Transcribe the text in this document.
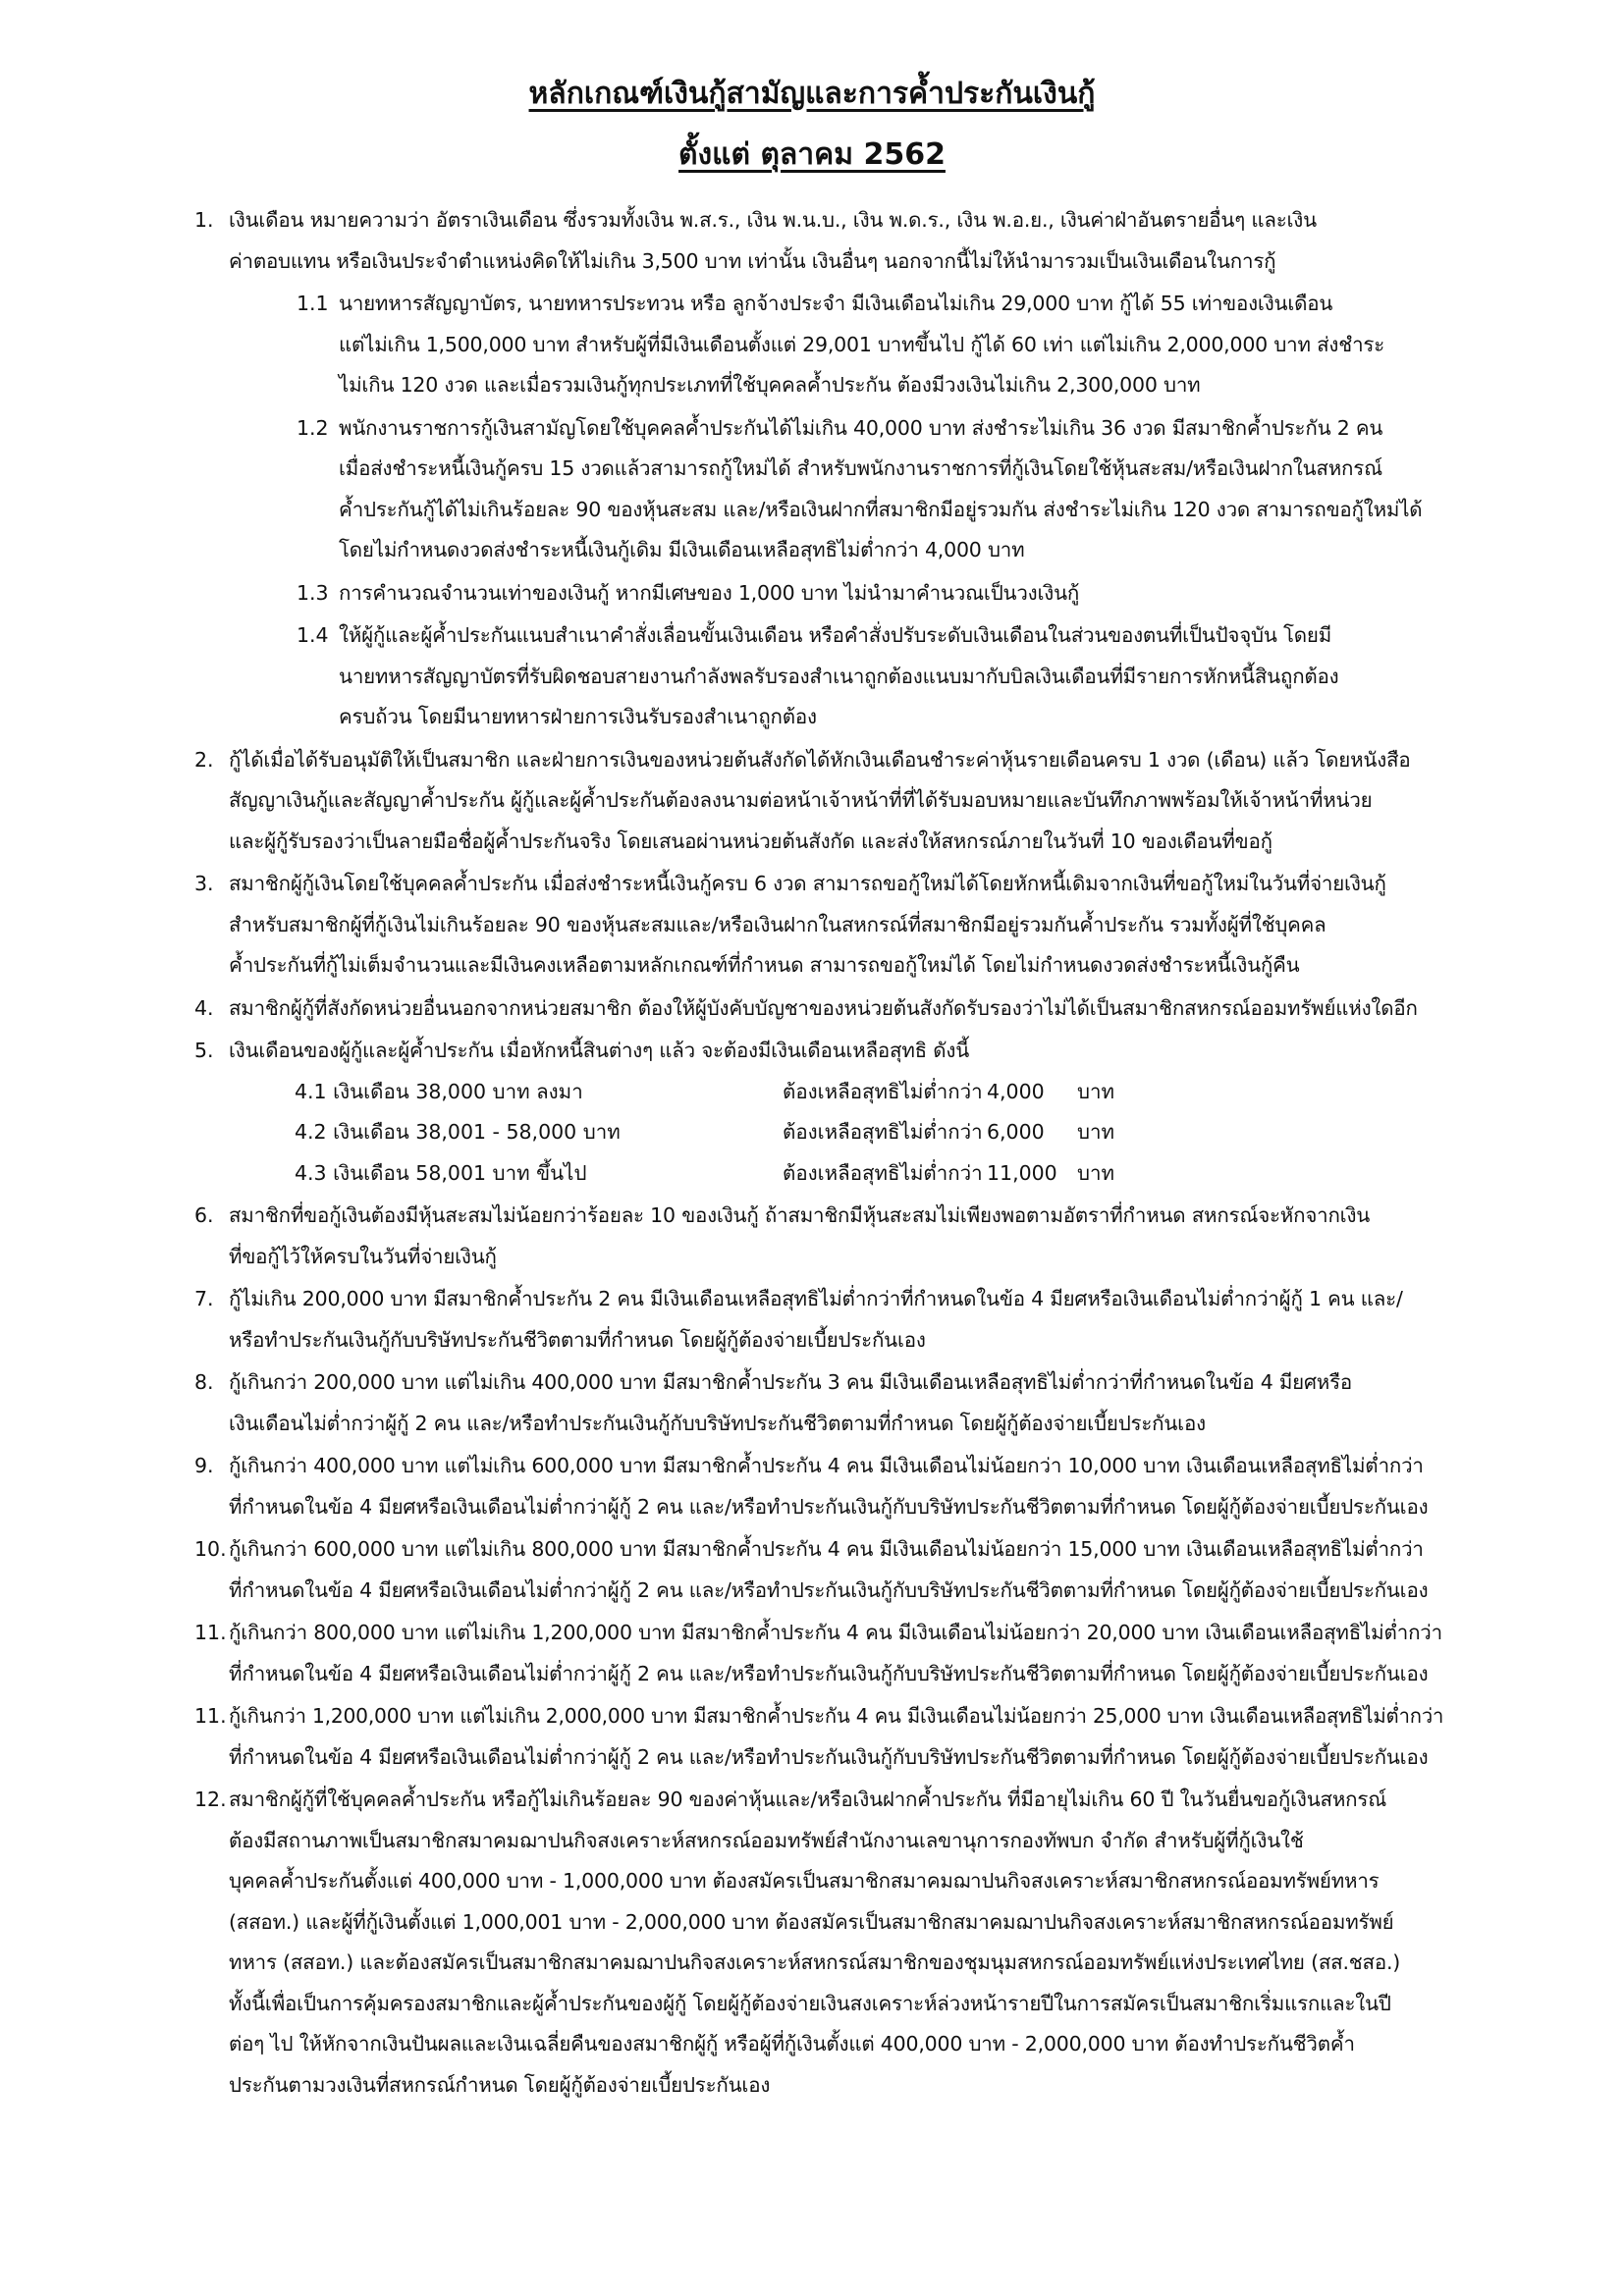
หลักเกณฑ์เงินกู้สามัญและการค้ำประกันเงินกู้
ตั้งแต่ ตุลาคม 2562
1. เงินเดือน หมายความว่า อัตราเงินเดือน ซึ่งรวมทั้งเงิน พ.ส.ร., เงิน พ.น.บ., เงิน พ.ด.ร., เงิน พ.อ.ย., เงินค่าฝ่าอันตรายอื่นๆ และเงิน
ค่าตอบแทน หรือเงินประจำตำแหน่งคิดให้ไม่เกิน 3,500 บาท เท่านั้น เงินอื่นๆ นอกจากนี้ไม่ให้นำมารวมเป็นเงินเดือนในการกู้
1.1 นายทหารสัญญาบัตร, นายทหารประทวน หรือ ลูกจ้างประจำ มีเงินเดือนไม่เกิน 29,000 บาท กู้ได้ 55 เท่าของเงินเดือน
แต่ไม่เกิน 1,500,000 บาท สำหรับผู้ที่มีเงินเดือนตั้งแต่ 29,001 บาทขึ้นไป กู้ได้ 60 เท่า แต่ไม่เกิน 2,000,000 บาท ส่งชำระ
ไม่เกิน 120 งวด และเมื่อรวมเงินกู้ทุกประเภทที่ใช้บุคคลค้ำประกัน ต้องมีวงเงินไม่เกิน 2,300,000 บาท
1.2 พนักงานราชการกู้เงินสามัญโดยใช้บุคคลค้ำประกันได้ไม่เกิน 40,000 บาท ส่งชำระไม่เกิน 36 งวด มีสมาชิกค้ำประกัน 2 คน
เมื่อส่งชำระหนี้เงินกู้ครบ 15 งวดแล้วสามารถกู้ใหม่ได้ สำหรับพนักงานราชการที่กู้เงินโดยใช้หุ้นสะสม/หรือเงินฝากในสหกรณ์
ค้ำประกันกู้ได้ไม่เกินร้อยละ 90 ของหุ้นสะสม และ/หรือเงินฝากที่สมาชิกมีอยู่รวมกัน ส่งชำระไม่เกิน 120 งวด สามารถขอกู้ใหม่ได้
โดยไม่กำหนดงวดส่งชำระหนี้เงินกู้เดิม มีเงินเดือนเหลือสุทธิไม่ต่ำกว่า 4,000 บาท
1.3 การคำนวณจำนวนเท่าของเงินกู้ หากมีเศษของ 1,000 บาท ไม่นำมาคำนวณเป็นวงเงินกู้
1.4 ให้ผู้กู้และผู้ค้ำประกันแนบสำเนาคำสั่งเลื่อนขั้นเงินเดือน หรือคำสั่งปรับระดับเงินเดือนในส่วนของตนที่เป็นปัจจุบัน โดยมี
นายทหารสัญญาบัตรที่รับผิดชอบสายงานกำลังพลรับรองสำเนาถูกต้องแนบมากับบิลเงินเดือนที่มีรายการหักหนี้สินถูกต้อง
ครบถ้วน โดยมีนายทหารฝ่ายการเงินรับรองสำเนาถูกต้อง
2. กู้ได้เมื่อได้รับอนุมัติให้เป็นสมาชิก และฝ่ายการเงินของหน่วยต้นสังกัดได้หักเงินเดือนชำระค่าหุ้นรายเดือนครบ 1 งวด (เดือน) แล้ว โดยหนังสือ
สัญญาเงินกู้และสัญญาค้ำประกัน ผู้กู้และผู้ค้ำประกันต้องลงนามต่อหน้าเจ้าหน้าที่ที่ได้รับมอบหมายและบันทึกภาพพร้อมให้เจ้าหน้าที่หน่วย
และผู้กู้รับรองว่าเป็นลายมือชื่อผู้ค้ำประกันจริง โดยเสนอผ่านหน่วยต้นสังกัด และส่งให้สหกรณ์ภายในวันที่ 10 ของเดือนที่ขอกู้
3. สมาชิกผู้กู้เงินโดยใช้บุคคลค้ำประกัน เมื่อส่งชำระหนี้เงินกู้ครบ 6 งวด สามารถขอกู้ใหม่ได้โดยหักหนี้เดิมจากเงินที่ขอกู้ใหม่ในวันที่จ่ายเงินกู้
สำหรับสมาชิกผู้ที่กู้เงินไม่เกินร้อยละ 90 ของหุ้นสะสมและ/หรือเงินฝากในสหกรณ์ที่สมาชิกมีอยู่รวมกันค้ำประกัน รวมทั้งผู้ที่ใช้บุคคล
ค้ำประกันที่กู้ไม่เต็มจำนวนและมีเงินคงเหลือตามหลักเกณฑ์ที่กำหนด สามารถขอกู้ใหม่ได้ โดยไม่กำหนดงวดส่งชำระหนี้เงินกู้คืน
4. สมาชิกผู้กู้ที่สังกัดหน่วยอื่นนอกจากหน่วยสมาชิก ต้องให้ผู้บังคับบัญชาของหน่วยต้นสังกัดรับรองว่าไม่ได้เป็นสมาชิกสหกรณ์ออมทรัพย์แห่งใดอีก
5. เงินเดือนของผู้กู้และผู้ค้ำประกัน เมื่อหักหนี้สินต่างๆ แล้ว จะต้องมีเงินเดือนเหลือสุทธิ ดังนี้
4.1 เงินเดือน 38,000 บาท ลงมา	ต้องเหลือสุทธิไม่ต่ำกว่า 4,000 บาท
4.2 เงินเดือน 38,001 - 58,000 บาท	ต้องเหลือสุทธิไม่ต่ำกว่า 6,000 บาท
4.3 เงินเดือน 58,001 บาท ขึ้นไป	ต้องเหลือสุทธิไม่ต่ำกว่า 11,000 บาท
6. สมาชิกที่ขอกู้เงินต้องมีหุ้นสะสมไม่น้อยกว่าร้อยละ 10 ของเงินกู้ ถ้าสมาชิกมีหุ้นสะสมไม่เพียงพอตามอัตราที่กำหนด สหกรณ์จะหักจากเงิน
ที่ขอกู้ไว้ให้ครบในวันที่จ่ายเงินกู้
7. กู้ไม่เกิน 200,000 บาท มีสมาชิกค้ำประกัน 2 คน มีเงินเดือนเหลือสุทธิไม่ต่ำกว่าที่กำหนดในข้อ 4 มียศหรือเงินเดือนไม่ต่ำกว่าผู้กู้ 1 คน และ/
หรือทำประกันเงินกู้กับบริษัทประกันชีวิตตามที่กำหนด โดยผู้กู้ต้องจ่ายเบี้ยประกันเอง
8. กู้เกินกว่า 200,000 บาท แต่ไม่เกิน 400,000 บาท มีสมาชิกค้ำประกัน 3 คน มีเงินเดือนเหลือสุทธิไม่ต่ำกว่าที่กำหนดในข้อ 4 มียศหรือ
เงินเดือนไม่ต่ำกว่าผู้กู้ 2 คน และ/หรือทำประกันเงินกู้กับบริษัทประกันชีวิตตามที่กำหนด โดยผู้กู้ต้องจ่ายเบี้ยประกันเอง
9. กู้เกินกว่า 400,000 บาท แต่ไม่เกิน 600,000 บาท มีสมาชิกค้ำประกัน 4 คน มีเงินเดือนไม่น้อยกว่า 10,000 บาท เงินเดือนเหลือสุทธิไม่ต่ำกว่า
ที่กำหนดในข้อ 4 มียศหรือเงินเดือนไม่ต่ำกว่าผู้กู้ 2 คน และ/หรือทำประกันเงินกู้กับบริษัทประกันชีวิตตามที่กำหนด โดยผู้กู้ต้องจ่ายเบี้ยประกันเอง
10. กู้เกินกว่า 600,000 บาท แต่ไม่เกิน 800,000 บาท มีสมาชิกค้ำประกัน 4 คน มีเงินเดือนไม่น้อยกว่า 15,000 บาท เงินเดือนเหลือสุทธิไม่ต่ำกว่า
ที่กำหนดในข้อ 4 มียศหรือเงินเดือนไม่ต่ำกว่าผู้กู้ 2 คน และ/หรือทำประกันเงินกู้กับบริษัทประกันชีวิตตามที่กำหนด โดยผู้กู้ต้องจ่ายเบี้ยประกันเอง
11. กู้เกินกว่า 800,000 บาท แต่ไม่เกิน 1,200,000 บาท มีสมาชิกค้ำประกัน 4 คน มีเงินเดือนไม่น้อยกว่า 20,000 บาท เงินเดือนเหลือสุทธิไม่ต่ำกว่า
ที่กำหนดในข้อ 4 มียศหรือเงินเดือนไม่ต่ำกว่าผู้กู้ 2 คน และ/หรือทำประกันเงินกู้กับบริษัทประกันชีวิตตามที่กำหนด โดยผู้กู้ต้องจ่ายเบี้ยประกันเอง
11. กู้เกินกว่า 1,200,000 บาท แต่ไม่เกิน 2,000,000 บาท มีสมาชิกค้ำประกัน 4 คน มีเงินเดือนไม่น้อยกว่า 25,000 บาท เงินเดือนเหลือสุทธิไม่ต่ำกว่า
ที่กำหนดในข้อ 4 มียศหรือเงินเดือนไม่ต่ำกว่าผู้กู้ 2 คน และ/หรือทำประกันเงินกู้กับบริษัทประกันชีวิตตามที่กำหนด โดยผู้กู้ต้องจ่ายเบี้ยประกันเอง
12. สมาชิกผู้กู้ที่ใช้บุคคลค้ำประกัน หรือกู้ไม่เกินร้อยละ 90 ของค่าหุ้นและ/หรือเงินฝากค้ำประกัน ที่มีอายุไม่เกิน 60 ปี ในวันยื่นขอกู้เงินสหกรณ์
ต้องมีสถานภาพเป็นสมาชิกสมาคมฌาปนกิจสงเคราะห์สหกรณ์ออมทรัพย์สำนักงานเลขานุการกองทัพบก จำกัด สำหรับผู้ที่กู้เงินใช้
บุคคลค้ำประกันตั้งแต่ 400,000 บาท - 1,000,000 บาท ต้องสมัครเป็นสมาชิกสมาคมฌาปนกิจสงเคราะห์สมาชิกสหกรณ์ออมทรัพย์ทหาร
(สสอท.) และผู้ที่กู้เงินตั้งแต่ 1,000,001 บาท - 2,000,000 บาท ต้องสมัครเป็นสมาชิกสมาคมฌาปนกิจสงเคราะห์สมาชิกสหกรณ์ออมทรัพย์
ทหาร (สสอท.) และต้องสมัครเป็นสมาชิกสมาคมฌาปนกิจสงเคราะห์สหกรณ์สมาชิกของชุมนุมสหกรณ์ออมทรัพย์แห่งประเทศไทย (สส.ชสอ.)
ทั้งนี้เพื่อเป็นการคุ้มครองสมาชิกและผู้ค้ำประกันของผู้กู้ โดยผู้กู้ต้องจ่ายเงินสงเคราะห์ล่วงหน้ารายปีในการสมัครเป็นสมาชิกเริ่มแรกและในปี
ต่อๆ ไป ให้หักจากเงินปันผลและเงินเฉลี่ยคืนของสมาชิกผู้กู้ หรือผู้ที่กู้เงินตั้งแต่ 400,000 บาท - 2,000,000 บาท ต้องทำประกันชีวิตค้ำ
ประกันตามวงเงินที่สหกรณ์กำหนด โดยผู้กู้ต้องจ่ายเบี้ยประกันเอง
